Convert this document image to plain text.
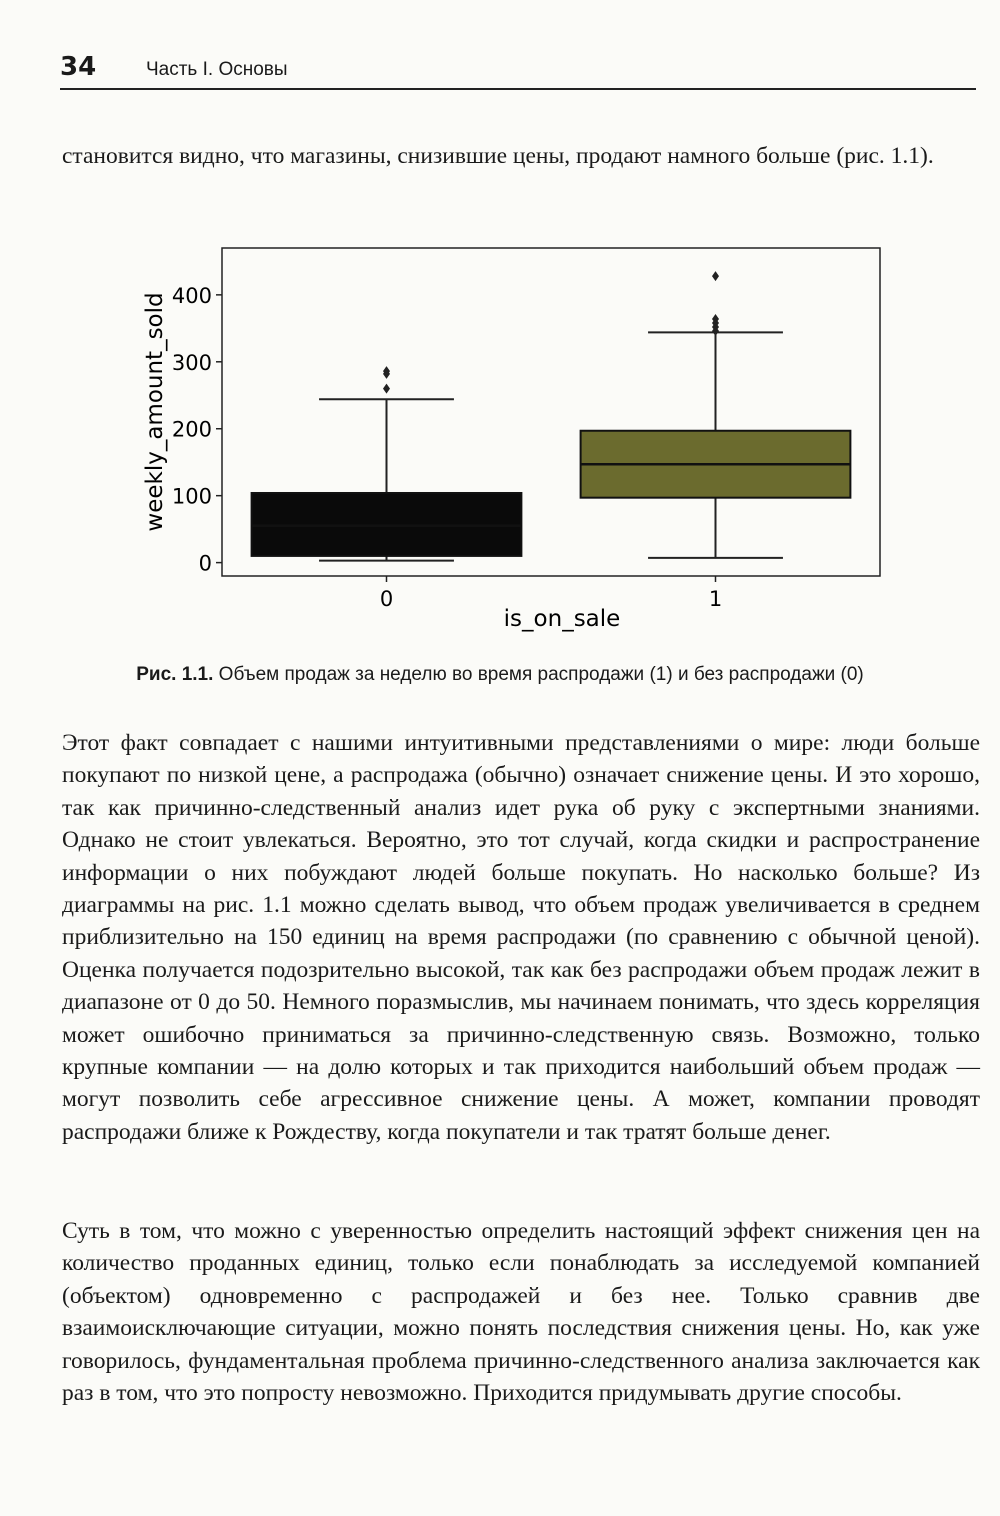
34	Часть I. Основы

становится видно, что магазины, снизившие цены, продают намного больше (рис. 1.1).

0
100
200
300
400
0	1
weekly_amount_sold
is_on_sale
Рис. 1.1. Объем продаж за неделю во время распродажи (1) и без распродажи (0)

Этот факт совпадает с нашими интуитивными представлениями о мире: люди больше покупают по низкой цене, а распродажа (обычно) означает снижение цены. И это хорошо, так как причинно-следственный анализ идет рука об руку с экспертными знаниями. Однако не стоит увлекаться. Вероятно, это тот случай, когда скидки и распространение информации о них побуждают людей больше покупать. Но насколько больше? Из диаграммы на рис. 1.1 можно сделать вывод, что объем продаж увеличивается в среднем приблизительно на 150 единиц на время распродажи (по сравнению с обычной ценой). Оценка получается подозрительно высокой, так как без распродажи объем продаж лежит в диапазоне от 0 до 50. Немного поразмыслив, мы начинаем понимать, что здесь корреляция может ошибочно приниматься за причинно-следственную связь. Возможно, только крупные компании — на долю которых и так приходится наибольший объем продаж — могут позволить себе агрессивное снижение цены. А может, компании проводят распродажи ближе к Рождеству, когда покупатели и так тратят больше денег.

Суть в том, что можно с уверенностью определить настоящий эффект снижения цен на количество проданных единиц, только если понаблюдать за исследуемой компанией (объектом) одновременно с распродажей и без нее. Только сравнив две взаимоисключающие ситуации, можно понять последствия снижения цены. Но, как уже говорилось, фундаментальная проблема причинно-следственного анализа заключается как раз в том, что это попросту невозможно. Приходится придумывать другие способы.
